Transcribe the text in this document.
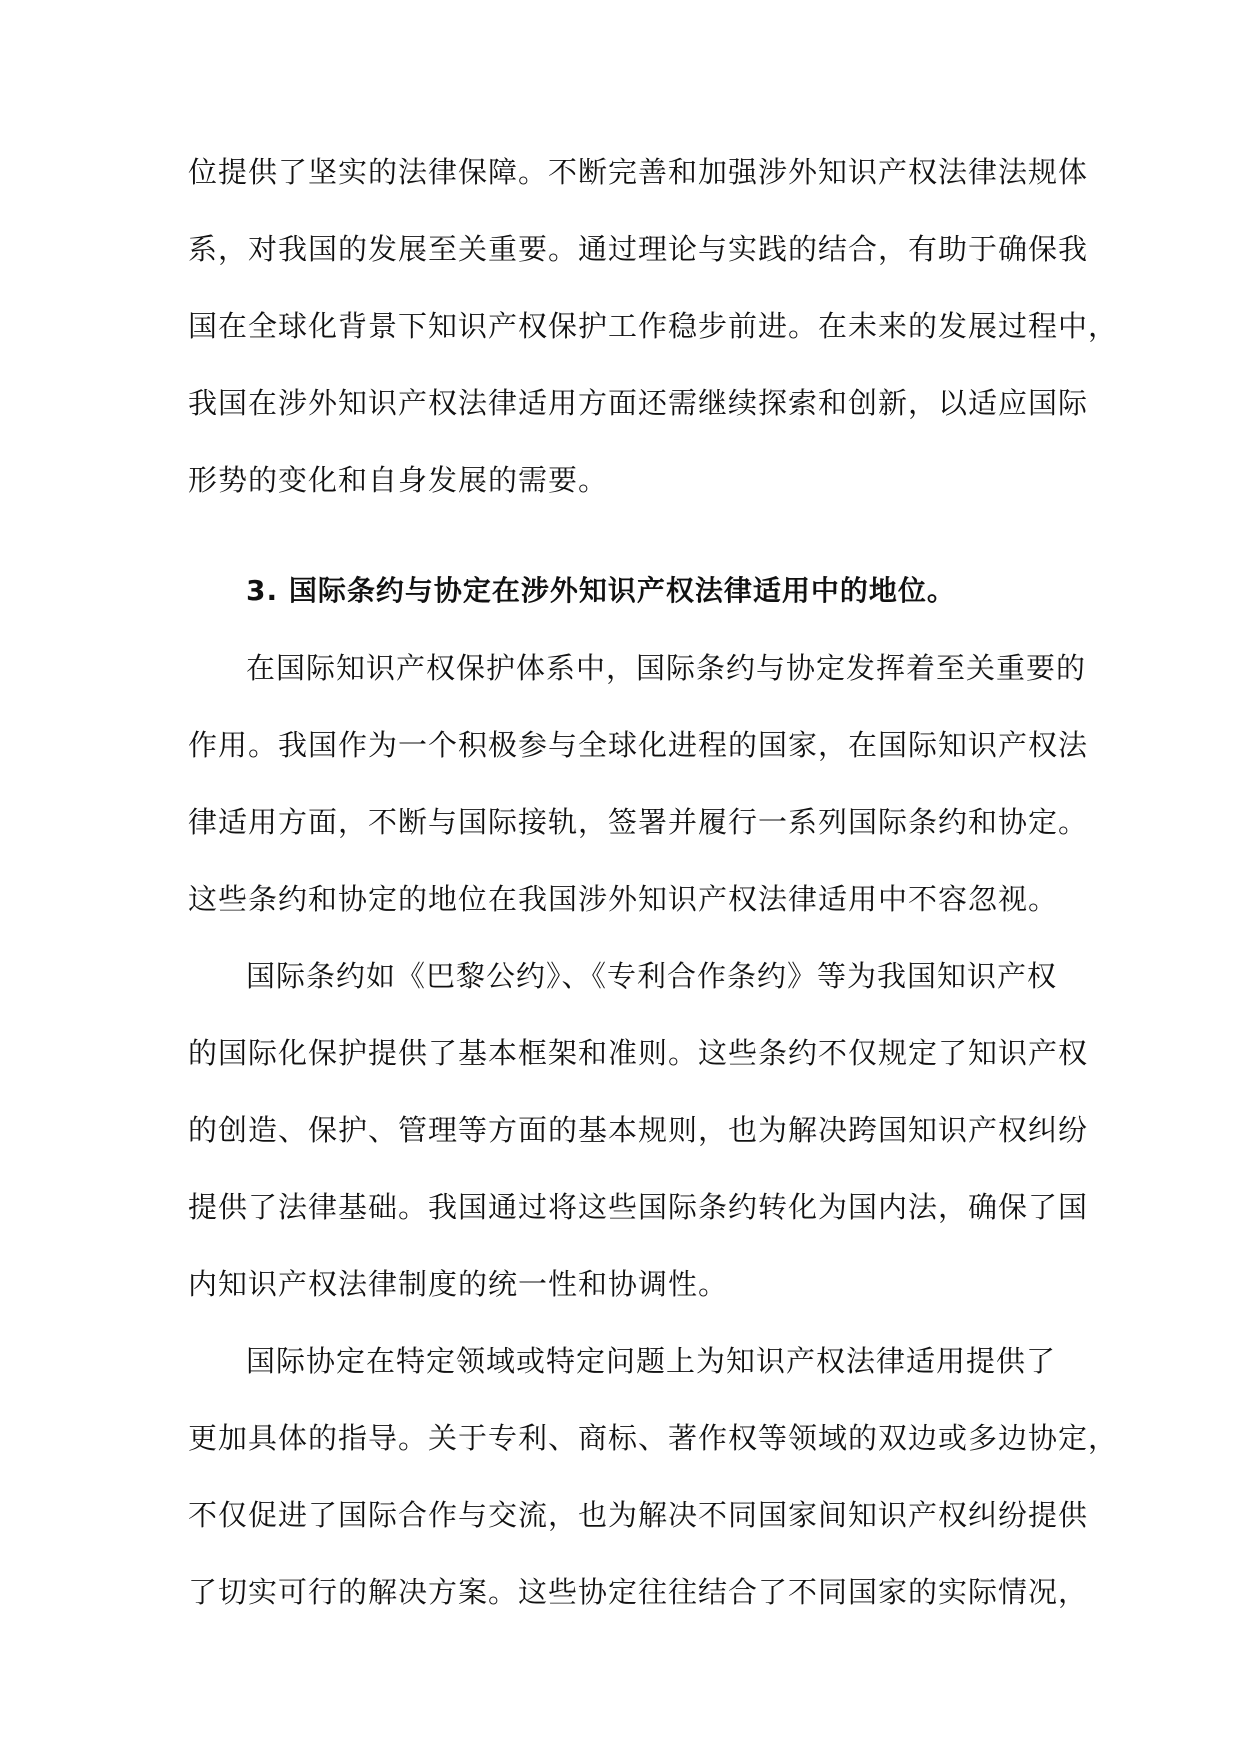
位提供了坚实的法律保障。不断完善和加强涉外知识产权法律法规体
系，对我国的发展至关重要。通过理论与实践的结合，有助于确保我
国在全球化背景下知识产权保护工作稳步前进。在未来的发展过程中，
我国在涉外知识产权法律适用方面还需继续探索和创新，以适应国际
形势的变化和自身发展的需要。
3. 国际条约与协定在涉外知识产权法律适用中的地位。
在国际知识产权保护体系中，国际条约与协定发挥着至关重要的
作用。我国作为一个积极参与全球化进程的国家，在国际知识产权法
律适用方面，不断与国际接轨，签署并履行一系列国际条约和协定。
这些条约和协定的地位在我国涉外知识产权法律适用中不容忽视。
国际条约如《巴黎公约》、《专利合作条约》等为我国知识产权
的国际化保护提供了基本框架和准则。这些条约不仅规定了知识产权
的创造、保护、管理等方面的基本规则，也为解决跨国知识产权纠纷
提供了法律基础。我国通过将这些国际条约转化为国内法，确保了国
内知识产权法律制度的统一性和协调性。
国际协定在特定领域或特定问题上为知识产权法律适用提供了
更加具体的指导。关于专利、商标、著作权等领域的双边或多边协定，
不仅促进了国际合作与交流，也为解决不同国家间知识产权纠纷提供
了切实可行的解决方案。这些协定往往结合了不同国家的实际情况，
